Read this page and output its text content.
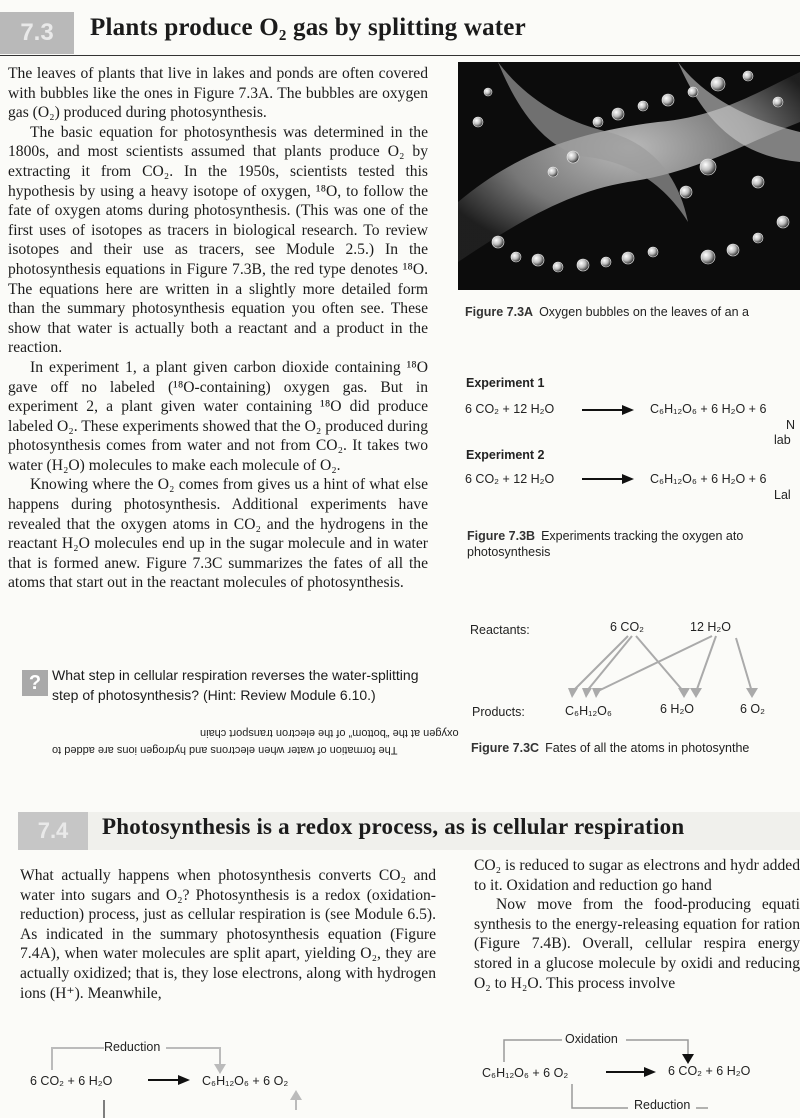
7.3	Plants produce O₂ gas by splitting water

The leaves of plants that live in lakes and ponds are often covered with bubbles like the ones in Figure 7.3A. The bubbles are oxygen gas (O₂) produced during photosynthesis.

The basic equation for photosynthesis was determined in the 1800s, and most scientists assumed that plants produce O₂ by extracting it from CO₂. In the 1950s, scientists tested this hypothesis by using a heavy isotope of oxygen, ¹⁸O, to follow the fate of oxygen atoms during photosynthesis. (This was one of the first uses of isotopes as tracers in biological research. To review isotopes and their use as tracers, see Module 2.5.) In the photosynthesis equations in Figure 7.3B, the red type denotes ¹⁸O. The equations here are written in a slightly more detailed form than the summary photosynthesis equation you often see. These show that water is actually both a reactant and a product in the reaction.

In experiment 1, a plant given carbon dioxide containing ¹⁸O gave off no labeled (¹⁸O-containing) oxygen gas. But in experiment 2, a plant given water containing ¹⁸O did produce labeled O₂. These experiments showed that the O₂ produced during photosynthesis comes from water and not from CO₂. It takes two water (H₂O) molecules to make each molecule of O₂.

Knowing where the O₂ comes from gives us a hint of what else happens during photosynthesis. Additional experiments have revealed that the oxygen atoms in CO₂ and the hydrogens in the reactant H₂O molecules end up in the sugar molecule and in water that is formed anew. Figure 7.3C summarizes the fates of all the atoms that start out in the reactant molecules of photosynthesis.

? What step in cellular respiration reverses the water-splitting step of photosynthesis? (Hint: Review Module 6.10.)
The formation of water when electrons and hydrogen ions are added to
oxygen at the “bottom” of the electron transport chain
Figure 7.3A Oxygen bubbles on the leaves of an a
Experiment 1
6 CO₂ + 12 H₂O	C₆H₁₂O₆ + 6 H₂O + 6
N
lab
Experiment 2
6 CO₂ + 12 H₂O	C₆H₁₂O₆ + 6 H₂O + 6
Lal
Figure 7.3B Experiments tracking the oxygen ato
photosynthesis
Reactants:	6 CO₂	12 H₂O
Products:	C₆H₁₂O₆	6 H₂O	6 O₂
Figure 7.3C Fates of all the atoms in photosynthe
7.4	Photosynthesis is a redox process, as is cellular respiration

What actually happens when photosynthesis converts CO₂ and water into sugars and O₂? Photosynthesis is a redox (oxidation-reduction) process, just as cellular respiration is (see Module 6.5). As indicated in the summary photosynthesis equation (Figure 7.4A), when water molecules are split apart, yielding O₂, they are actually oxidized; that is, they lose electrons, along with hydrogen ions (H⁺). Meanwhile,

CO₂ is reduced to sugar as electrons and hydr added to it. Oxidation and reduction go hand

Now move from the food-producing equati synthesis to the energy-releasing equation for ration (Figure 7.4B). Overall, cellular respira energy stored in a glucose molecule by oxidi and reducing O₂ to H₂O. This process involve

Reduction
6 CO₂ + 6 H₂O	C₆H₁₂O₆ + 6 O₂
Oxidation
C₆H₁₂O₆ + 6 O₂	6 CO₂ + 6 H₂O
Reduction
